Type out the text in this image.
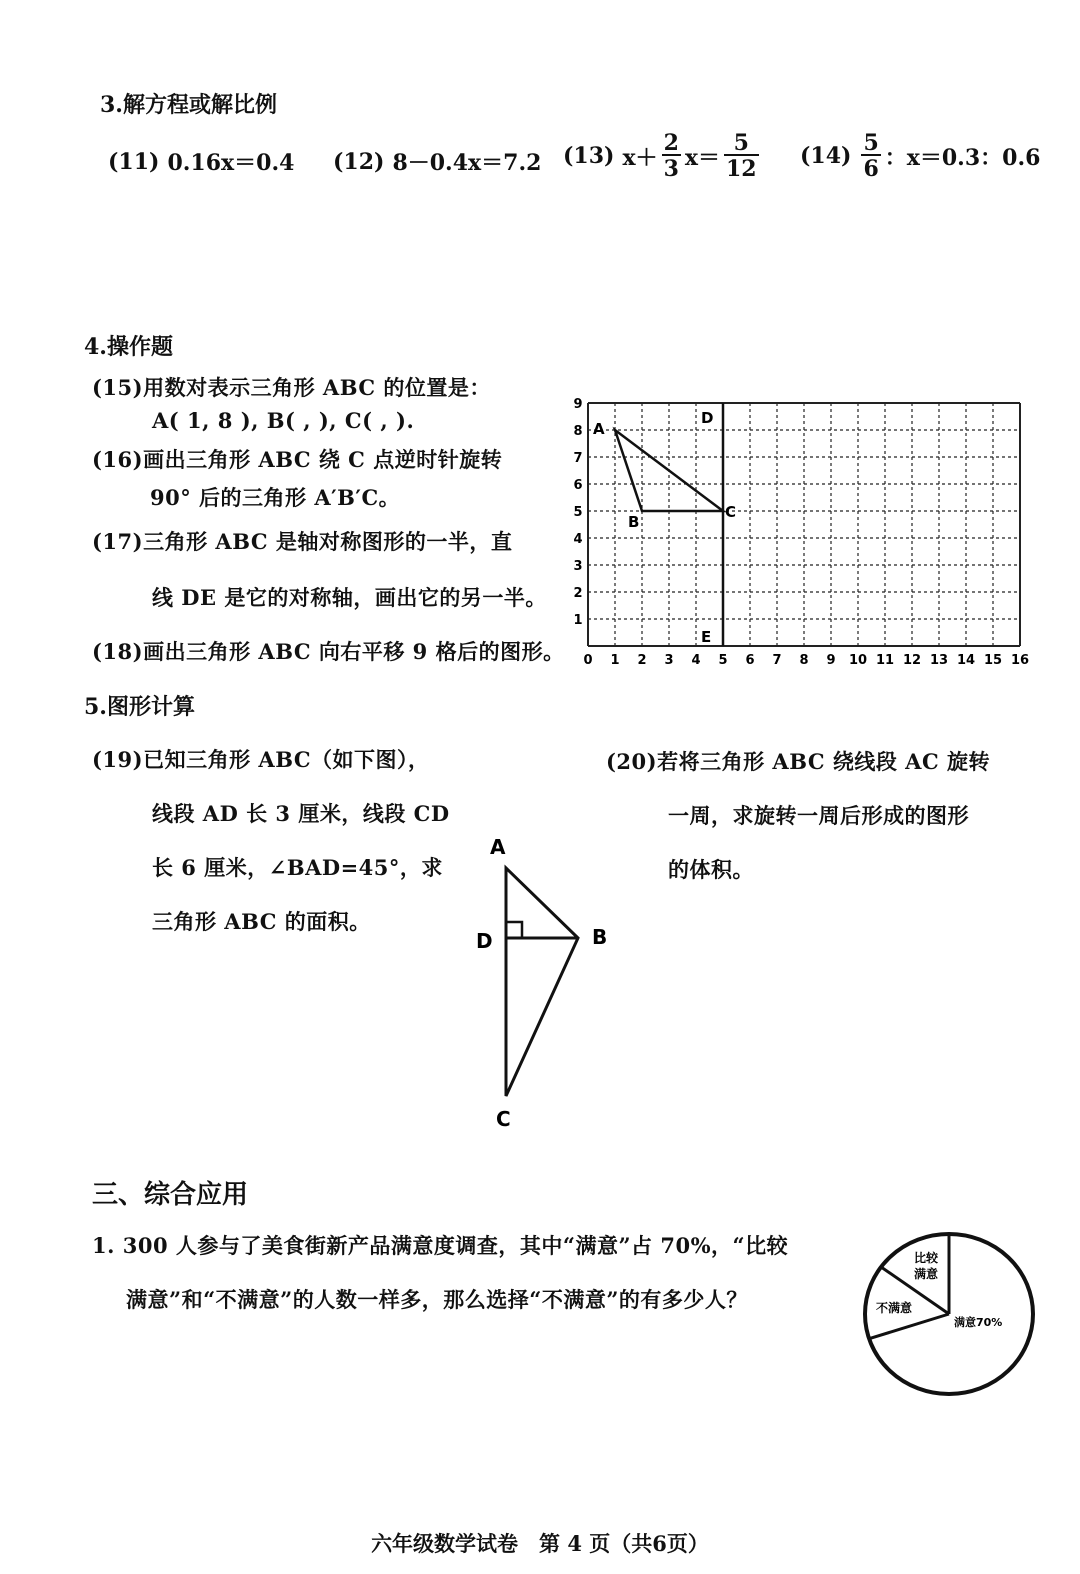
3.解方程或解比例
(11) 0.16x＝0.4 (12) 8－0.4x＝7.2 (13) $x+ \frac{2}{3} x= \frac{5}{12} (14) \frac{5}{6}$ ：x＝0.3：0.6
4.操作题
(15)用数对表示三角形 ABC 的位置是：
A( 1, 8 ), B( , ), C( , ).
(16)画出三角形 ABC 绕 C 点逆时针旋转
90° 后的三角形 A′B′C。
(17)三角形 ABC 是轴对称图形的一半，直
线 DE 是它的对称轴，画出它的另一半。
(18)画出三角形 ABC 向右平移 9 格后的图形。 0 1 2 3 4 5 6 7 8 9 10 11 12 13 14 15 16
1
2
3
4
5
6
7
8
9
A
B
C
D
E
5.图形计算
(19)已知三角形 ABC（如下图），
线段 AD 长 3 厘米，线段 CD
长 6 厘米，∠BAD=45°，求
三角形 ABC 的面积。
(20)若将三角形 ABC 绕线段 AC 旋转
一周，求旋转一周后形成的图形
的体积。
A
B
C
D
三、综合应用
1. 300 人参与了美食街新产品满意度调查，其中“满意”占 70%，“比较
满意”和“不满意”的人数一样多，那么选择“不满意”的有多少人？
比较
满意
不满意
满意70%
六年级数学试卷　第 4 页（共6页）
